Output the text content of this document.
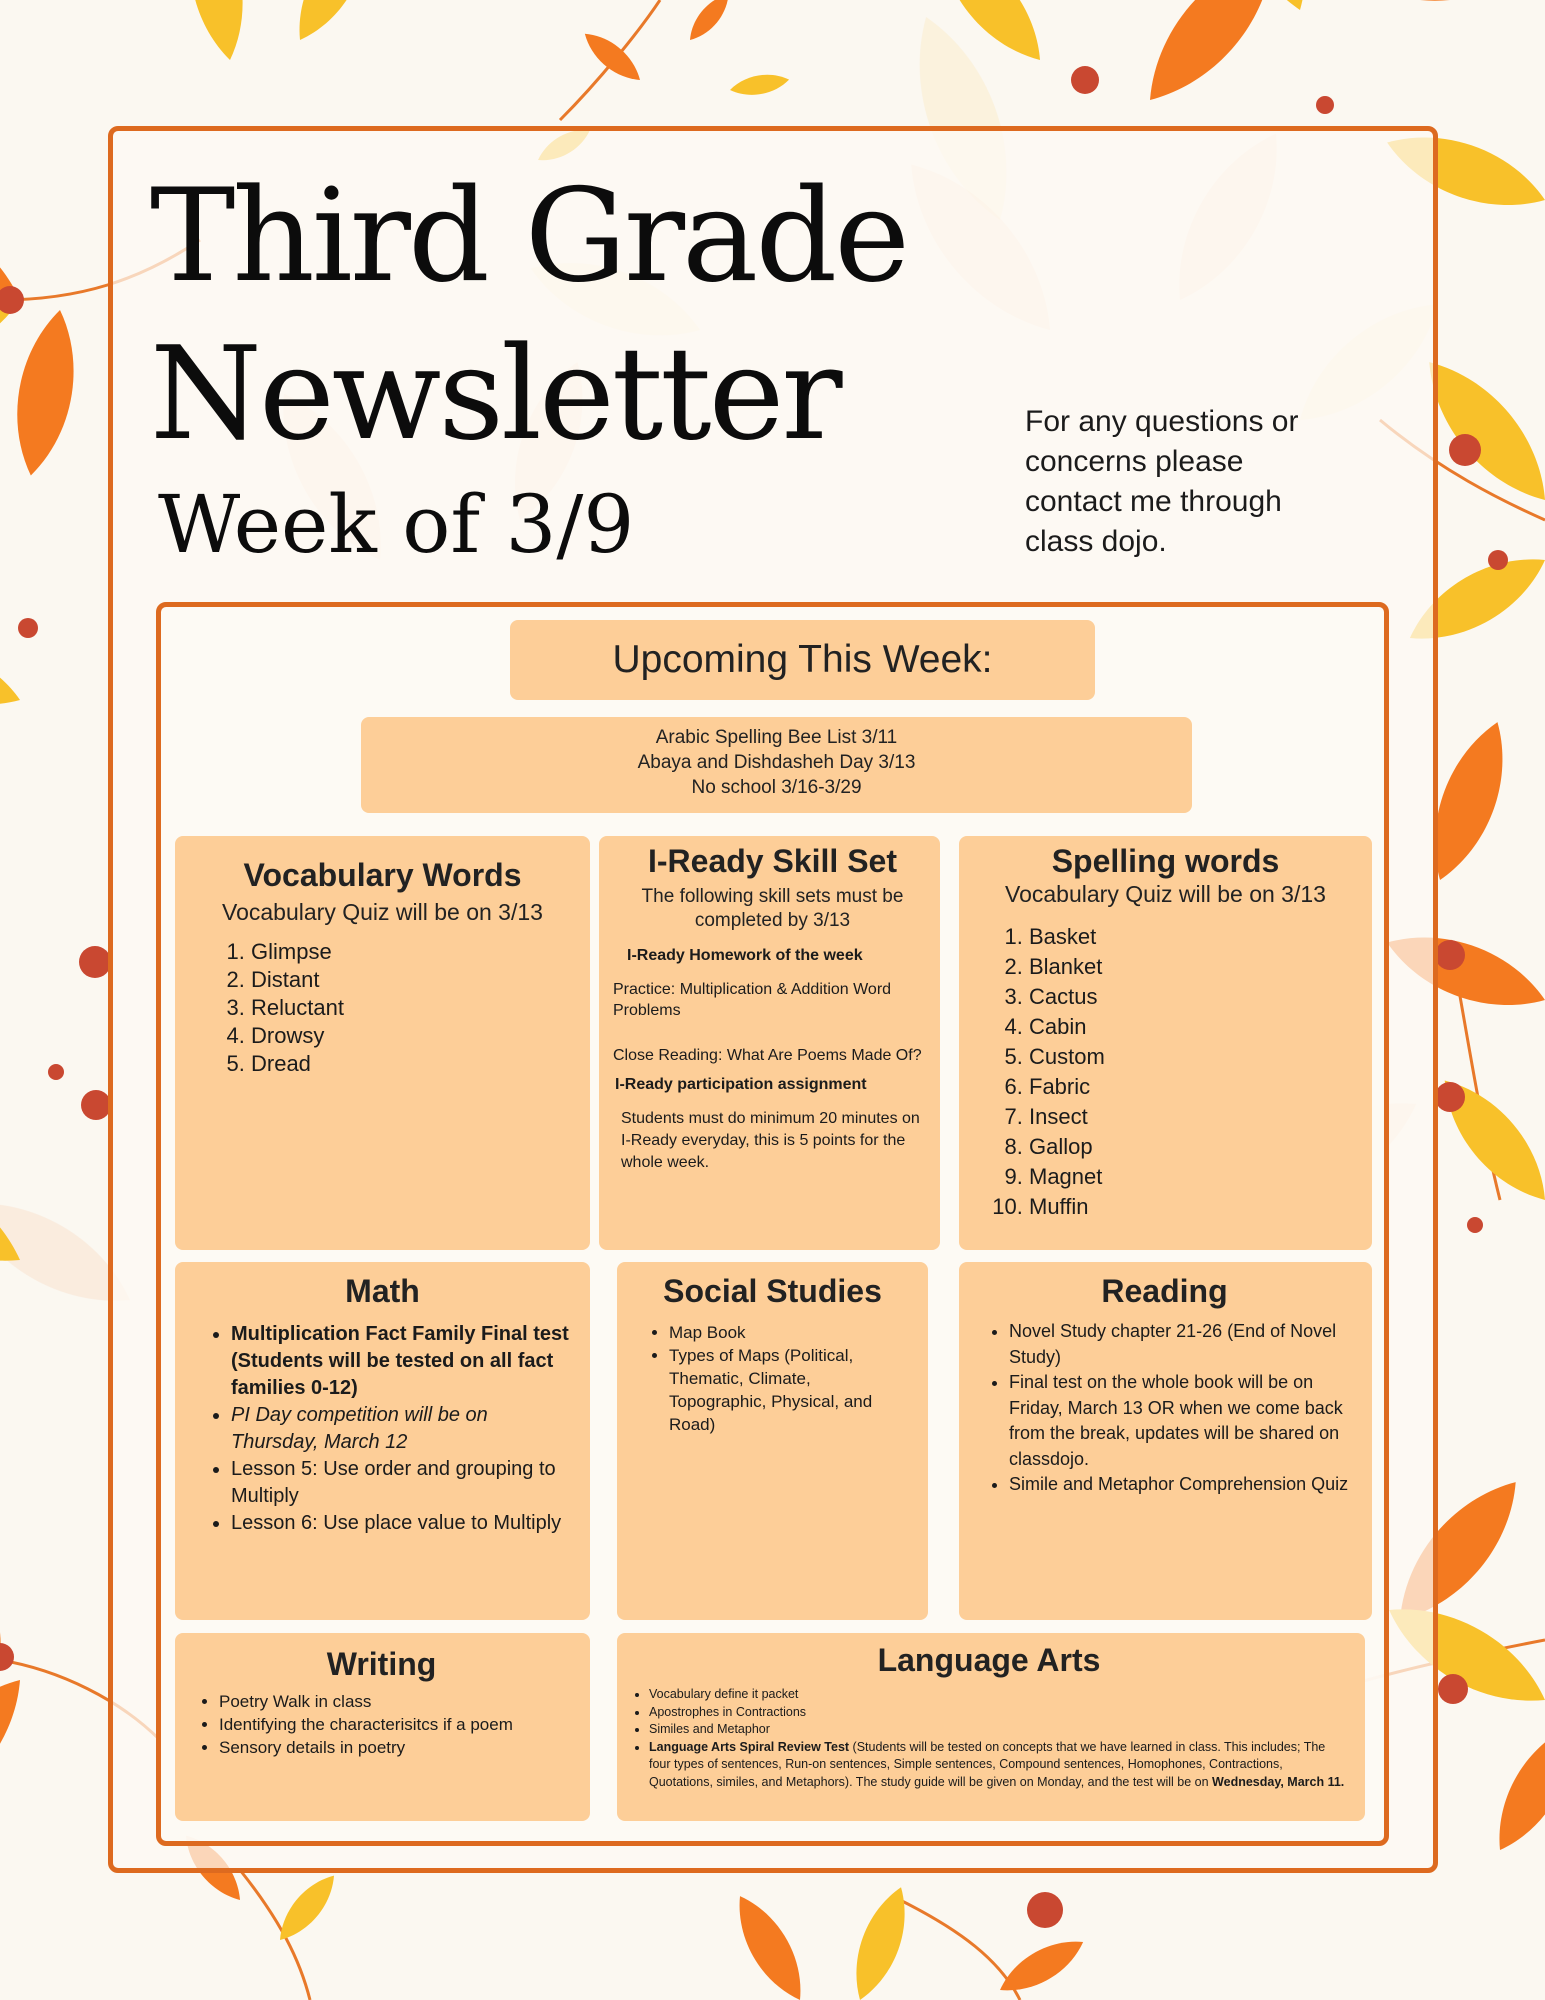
Third Grade
Newsletter
Week of 3/9
For any questions or
concerns please
contact me through
class dojo.
Upcoming This Week:
Arabic Spelling Bee List 3/11
Abaya and Dishdasheh Day 3/13
No school 3/16-3/29
Vocabulary Words

Vocabulary Quiz will be on 3/13

1. Glimpse
2. Distant
3. Reluctant
4. Drowsy
5. Dread
I-Ready Skill Set

The following skill sets must be completed by 3/13

I-Ready Homework of the week

Practice: Multiplication & Addition Word Problems

Close Reading: What Are Poems Made Of?

I-Ready participation assignment

Students must do minimum 20 minutes on I-Ready everyday, this is 5 points for the whole week.

Spelling words

Vocabulary Quiz will be on 3/13

1. Basket
2. Blanket
3. Cactus
4. Cabin
5. Custom
6. Fabric
7. Insect
8. Gallop
9. Magnet
10. Muffin
Math
• Multiplication Fact Family Final test (Students will be tested on all fact families 0-12)
• PI Day competition will be on Thursday, March 12
• Lesson 5: Use order and grouping to Multiply
• Lesson 6: Use place value to Multiply
Social Studies
• Map Book
• Types of Maps (Political, Thematic, Climate, Topographic, Physical, and Road)
Reading
• Novel Study chapter 21-26 (End of Novel Study)
• Final test on the whole book will be on Friday, March 13 OR when we come back from the break, updates will be shared on classdojo.
• Simile and Metaphor Comprehension Quiz
Writing
• Poetry Walk in class
• Identifying the characterisitcs if a poem
• Sensory details in poetry
Language Arts
• Vocabulary define it packet
• Apostrophes in Contractions
• Similes and Metaphor
• Language Arts Spiral Review Test (Students will be tested on concepts that we have learned in class. This includes; The four types of sentences, Run-on sentences, Simple sentences, Compound sentences, Homophones, Contractions, Quotations, similes, and Metaphors). The study guide will be given on Monday, and the test will be on Wednesday, March 11.
